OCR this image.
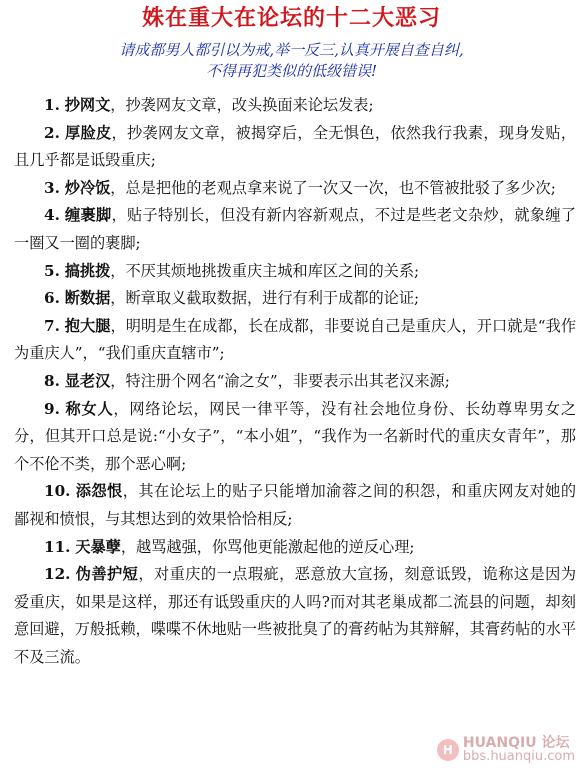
姝在重大在论坛的十二大恶习
请成都男人都引以为戒,举一反三,认真开展自查自纠,
不得再犯类似的低级错误!

1. 抄网文，抄袭网友文章，改头换面来论坛发表;

2. 厚脸皮，抄袭网友文章，被揭穿后，全无惧色，依然我行我素，现身发贴，且几乎都是诋毁重庆;

3. 炒冷饭，总是把他的老观点拿来说了一次又一次，也不管被批驳了多少次;

4. 缠裹脚，贴子特别长，但没有新内容新观点，不过是些老文杂炒，就象缠了一圈又一圈的裹脚;

5. 搞挑拨，不厌其烦地挑拨重庆主城和库区之间的关系;

6. 断数据，断章取义截取数据，进行有利于成都的论证;

7. 抱大腿，明明是生在成都，长在成都，非要说自己是重庆人，开口就是“我作为重庆人”，“我们重庆直辖市”;

8. 显老汉，特注册个网名“渝之女”，非要表示出其老汉来源;

9. 称女人，网络论坛，网民一律平等，没有社会地位身份、长幼尊卑男女之分，但其开口总是说:“小女子”，“本小姐”，“我作为一名新时代的重庆女青年”，那个不伦不类，那个恶心啊;

10. 添怨恨，其在论坛上的贴子只能增加渝蓉之间的积怨，和重庆网友对她的鄙视和愤恨，与其想达到的效果恰恰相反;

11. 天暴孽，越骂越强，你骂他更能激起他的逆反心理;

12. 伪善护短，对重庆的一点瑕疵，恶意放大宣扬，刻意诋毁，诡称这是因为爱重庆，如果是这样，那还有诋毁重庆的人吗?而对其老巢成都二流县的问题，却刻意回避，万般抵赖，喋喋不休地贴一些被批臭了的膏药帖为其辩解，其膏药帖的水平不及三流。

H HUANQIU 论坛
bbs.huanqiu.com
